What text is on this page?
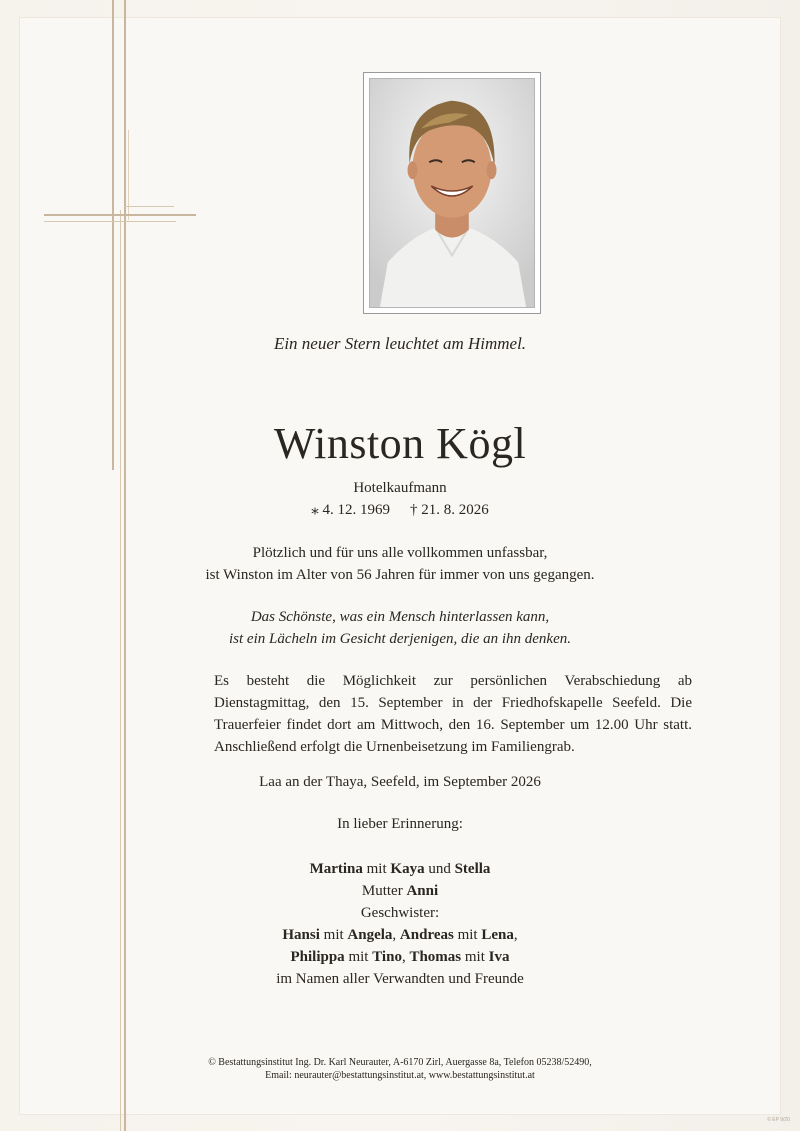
Ein neuer Stern leuchtet am Himmel.
Winston Kögl
Hotelkaufmann
⁎ 4. 12. 1969 † 21. 8. 2026
Plötzlich und für uns alle vollkommen unfassbar,
ist Winston im Alter von 56 Jahren für immer von uns gegangen.
Das Schönste, was ein Mensch hinterlassen kann,
ist ein Lächeln im Gesicht derjenigen, die an ihn denken.
Es besteht die Möglichkeit zur persönlichen Verabschiedung ab
Dienstagmittag, den 15. September in der Friedhofskapelle Seefeld. Die
Trauerfeier findet dort am Mittwoch, den 16. September um 12.00 Uhr statt.
Anschließend erfolgt die Urnenbeisetzung im Familiengrab.
Laa an der Thaya, Seefeld, im September 2026
In lieber Erinnerung:
Martina mit Kaya und Stella
Mutter Anni
Geschwister:
Hansi mit Angela, Andreas mit Lena,
Philippa mit Tino, Thomas mit Iva
im Namen aller Verwandten und Freunde
© Bestattungsinstitut Ing. Dr. Karl Neurauter, A-6170 Zirl, Auergasse 8a, Telefon 05238/52490,
Email: neurauter@bestattungsinstitut.at, www.bestattungsinstitut.at
© EP 9/20
